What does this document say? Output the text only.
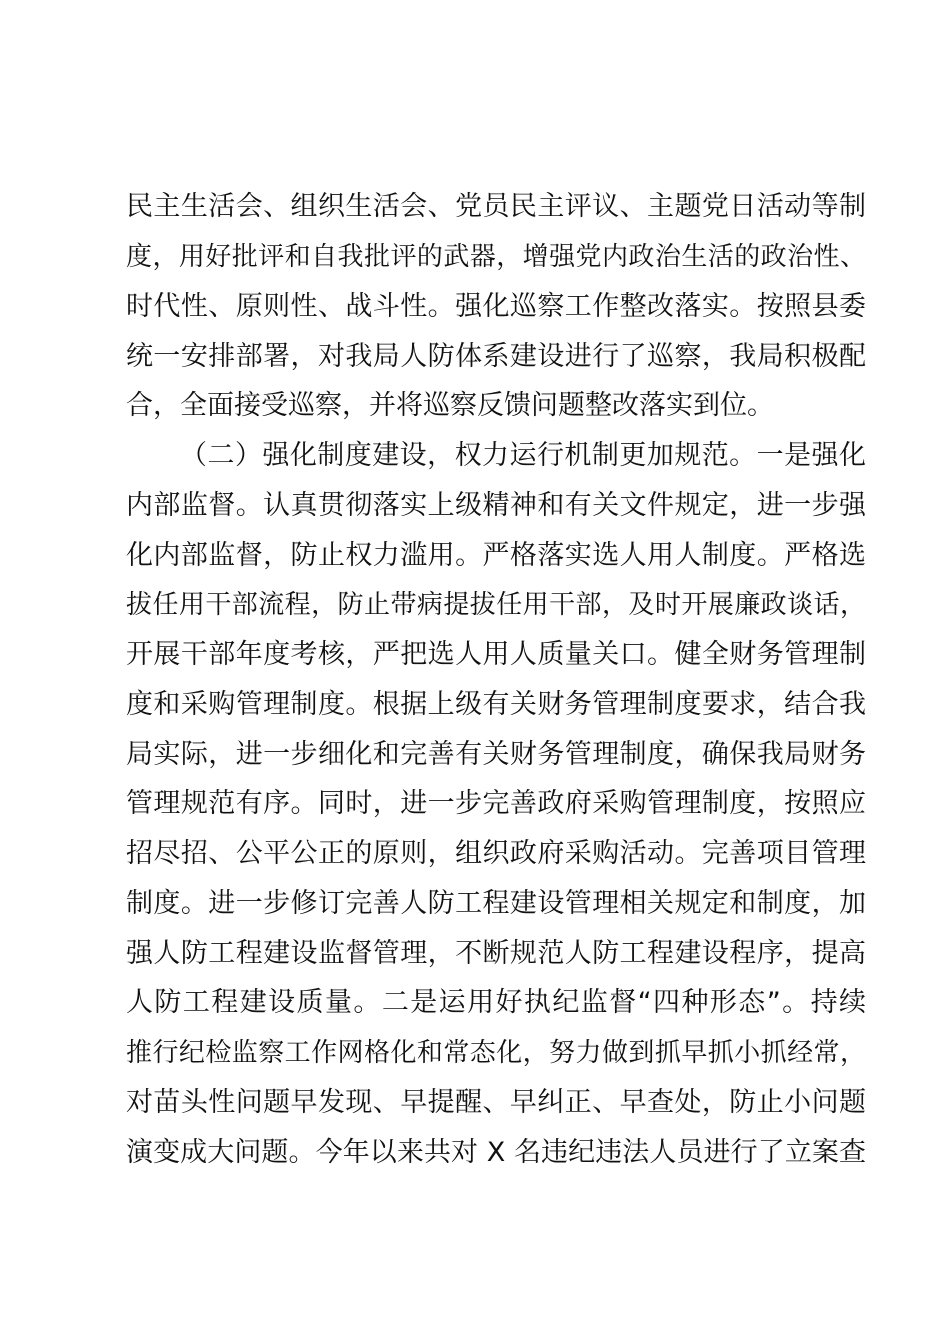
民主生活会、组织生活会、党员民主评议、主题党日活动等制

度，用好批评和自我批评的武器，增强党内政治生活的政治性、

时代性、原则性、战斗性。强化巡察工作整改落实。按照县委

统一安排部署，对我局人防体系建设进行了巡察，我局积极配

合，全面接受巡察，并将巡察反馈问题整改落实到位。

（二）强化制度建设，权力运行机制更加规范。一是强化

内部监督。认真贯彻落实上级精神和有关文件规定，进一步强

化内部监督，防止权力滥用。严格落实选人用人制度。严格选

拔任用干部流程，防止带病提拔任用干部，及时开展廉政谈话，

开展干部年度考核，严把选人用人质量关口。健全财务管理制

度和采购管理制度。根据上级有关财务管理制度要求，结合我

局实际，进一步细化和完善有关财务管理制度，确保我局财务

管理规范有序。同时，进一步完善政府采购管理制度，按照应

招尽招、公平公正的原则，组织政府采购活动。完善项目管理

制度。进一步修订完善人防工程建设管理相关规定和制度，加

强人防工程建设监督管理，不断规范人防工程建设程序，提高

人防工程建设质量。二是运用好执纪监督“四种形态”。持续

推行纪检监察工作网格化和常态化，努力做到抓早抓小抓经常，

对苗头性问题早发现、早提醒、早纠正、早查处，防止小问题

演变成大问题。今年以来共对 X 名违纪违法人员进行了立案查
